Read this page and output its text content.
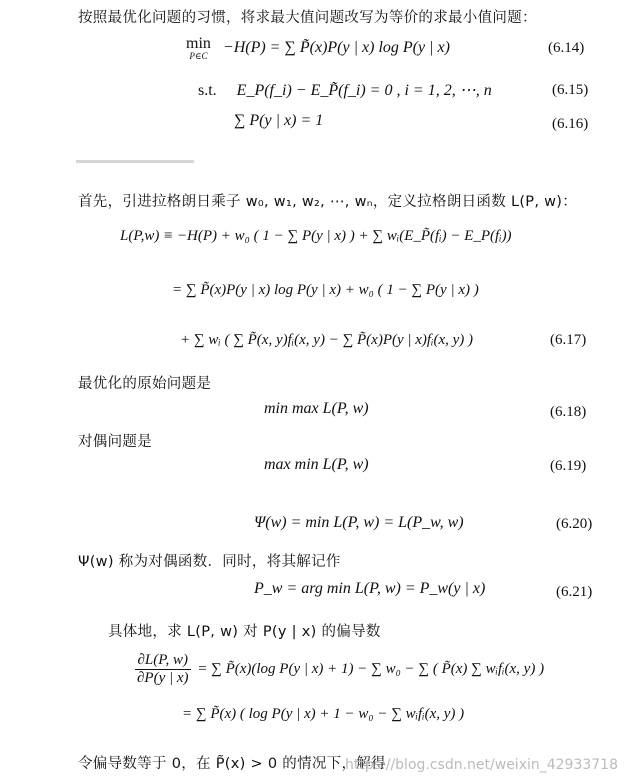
按照最优化问题的习惯，将求最大值问题改写为等价的求最小值问题：
min
P∈C −H(P) = ∑ P̃(x)P(y | x) log P(y | x)	(6.14)
s.t. E_P(f_i) − E_P̃(f_i) = 0 , i = 1, 2, ⋯, n	(6.15)
∑ P(y | x) = 1	(6.16)
首先，引进拉格朗日乘子 w₀, w₁, w₂, ⋯, wₙ，定义拉格朗日函数 L(P, w)：
L(P,w) ≡ −H(P) + w₀ ( 1 − ∑ P(y | x) ) + ∑ wᵢ(E_P̃(fᵢ) − E_P(fᵢ))
= ∑ P̃(x)P(y | x) log P(y | x) + w₀ ( 1 − ∑ P(y | x) )
+ ∑ wᵢ ( ∑ P̃(x, y)fᵢ(x, y) − ∑ P̃(x)P(y | x)fᵢ(x, y) )	(6.17)
最优化的原始问题是
min max L(P, w)	(6.18)
对偶问题是
max min L(P, w)	(6.19)
Ψ(w) = min L(P, w) = L(P_w, w)	(6.20)
Ψ(w) 称为对偶函数．同时，将其解记作
P_w = arg min L(P, w) = P_w(y | x)	(6.21)
具体地，求 L(P, w) 对 P(y | x) 的偏导数
$\frac{\partial L(P, w)}{\partial P(y | x)}$ = ∑ P̃(x)(log P(y | x) + 1) − ∑ w₀ − ∑ ( P̃(x) ∑ wᵢfᵢ(x, y) )
= ∑ P̃(x) ( log P(y | x) + 1 − w₀ − ∑ wᵢfᵢ(x, y) )
令偏导数等于 0，在 P̃(x) > 0 的情况下，解得
https://blog.csdn.net/weixin_42933718
